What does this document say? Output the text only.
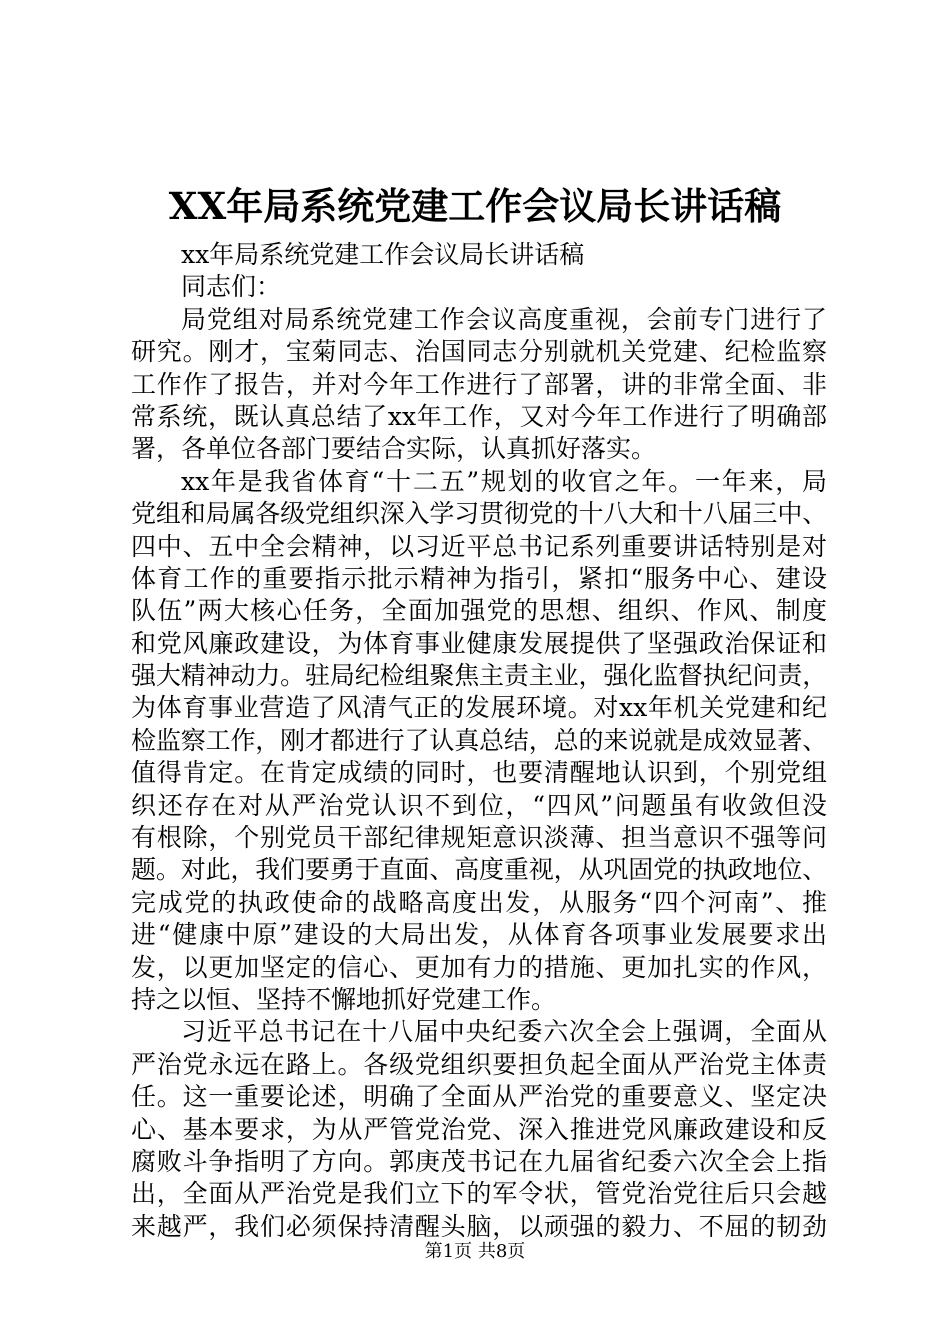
XX年局系统党建工作会议局长讲话稿
xx年局系统党建工作会议局长讲话稿
同志们：
局党组对局系统党建工作会议高度重视，会前专门进行了
研究。刚才，宝菊同志、治国同志分别就机关党建、纪检监察
工作作了报告，并对今年工作进行了部署，讲的非常全面、非
常系统，既认真总结了xx年工作，又对今年工作进行了明确部
署，各单位各部门要结合实际，认真抓好落实。
xx年是我省体育“十二五”规划的收官之年。一年来，局
党组和局属各级党组织深入学习贯彻党的十八大和十八届三中、
四中、五中全会精神，以习近平总书记系列重要讲话特别是对
体育工作的重要指示批示精神为指引，紧扣“服务中心、建设
队伍”两大核心任务，全面加强党的思想、组织、作风、制度
和党风廉政建设，为体育事业健康发展提供了坚强政治保证和
强大精神动力。驻局纪检组聚焦主责主业，强化监督执纪问责，
为体育事业营造了风清气正的发展环境。对xx年机关党建和纪
检监察工作，刚才都进行了认真总结，总的来说就是成效显著、
值得肯定。在肯定成绩的同时，也要清醒地认识到，个别党组
织还存在对从严治党认识不到位，“四风”问题虽有收敛但没
有根除，个别党员干部纪律规矩意识淡薄、担当意识不强等问
题。对此，我们要勇于直面、高度重视，从巩固党的执政地位、
完成党的执政使命的战略高度出发，从服务“四个河南”、推
进“健康中原”建设的大局出发，从体育各项事业发展要求出
发，以更加坚定的信心、更加有力的措施、更加扎实的作风，
持之以恒、坚持不懈地抓好党建工作。
习近平总书记在十八届中央纪委六次全会上强调，全面从
严治党永远在路上。各级党组织要担负起全面从严治党主体责
任。这一重要论述，明确了全面从严治党的重要意义、坚定决
心、基本要求，为从严管党治党、深入推进党风廉政建设和反
腐败斗争指明了方向。郭庚茂书记在九届省纪委六次全会上指
出，全面从严治党是我们立下的军令状，管党治党往后只会越
来越严，我们必须保持清醒头脑，以顽强的毅力、不屈的韧劲
第1页 共8页
